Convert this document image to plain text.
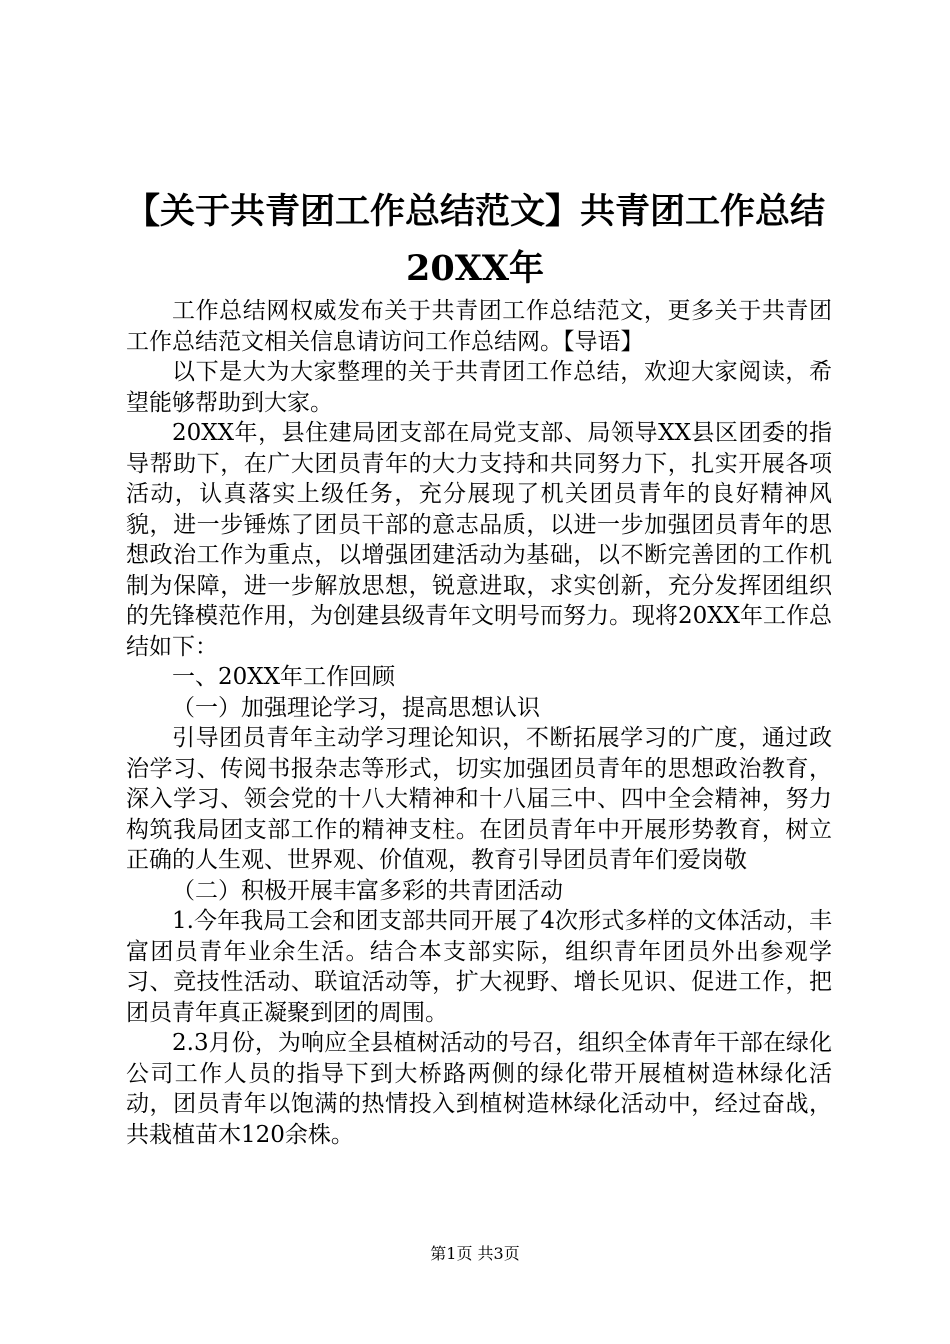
【关于共青团工作总结范文】共青团工作总结
20XX年

工作总结网权威发布关于共青团工作总结范文，更多关于共青团工作总结范文相关信息请访问工作总结网。【导语】

以下是大为大家整理的关于共青团工作总结，欢迎大家阅读，希望能够帮助到大家。

20XX年，县住建局团支部在局党支部、局领导XX县区团委的指导帮助下，在广大团员青年的大力支持和共同努力下，扎实开展各项活动，认真落实上级任务，充分展现了机关团员青年的良好精神风貌，进一步锤炼了团员干部的意志品质，以进一步加强团员青年的思想政治工作为重点，以增强团建活动为基础，以不断完善团的工作机制为保障，进一步解放思想，锐意进取，求实创新，充分发挥团组织的先锋模范作用，为创建县级青年文明号而努力。现将20XX年工作总结如下：

一、20XX年工作回顾

（一）加强理论学习，提高思想认识

引导团员青年主动学习理论知识，不断拓展学习的广度，通过政治学习、传阅书报杂志等形式，切实加强团员青年的思想政治教育，深入学习、领会党的十八大精神和十八届三中、四中全会精神，努力构筑我局团支部工作的精神支柱。在团员青年中开展形势教育，树立正确的人生观、世界观、价值观，教育引导团员青年们爱岗敬

（二）积极开展丰富多彩的共青团活动

1.今年我局工会和团支部共同开展了4次形式多样的文体活动，丰富团员青年业余生活。结合本支部实际，组织青年团员外出参观学习、竞技性活动、联谊活动等，扩大视野、增长见识、促进工作，把团员青年真正凝聚到团的周围。

2.3月份，为响应全县植树活动的号召，组织全体青年干部在绿化公司工作人员的指导下到大桥路两侧的绿化带开展植树造林绿化活动，团员青年以饱满的热情投入到植树造林绿化活动中，经过奋战，共栽植苗木120余株。

第1页 共3页
